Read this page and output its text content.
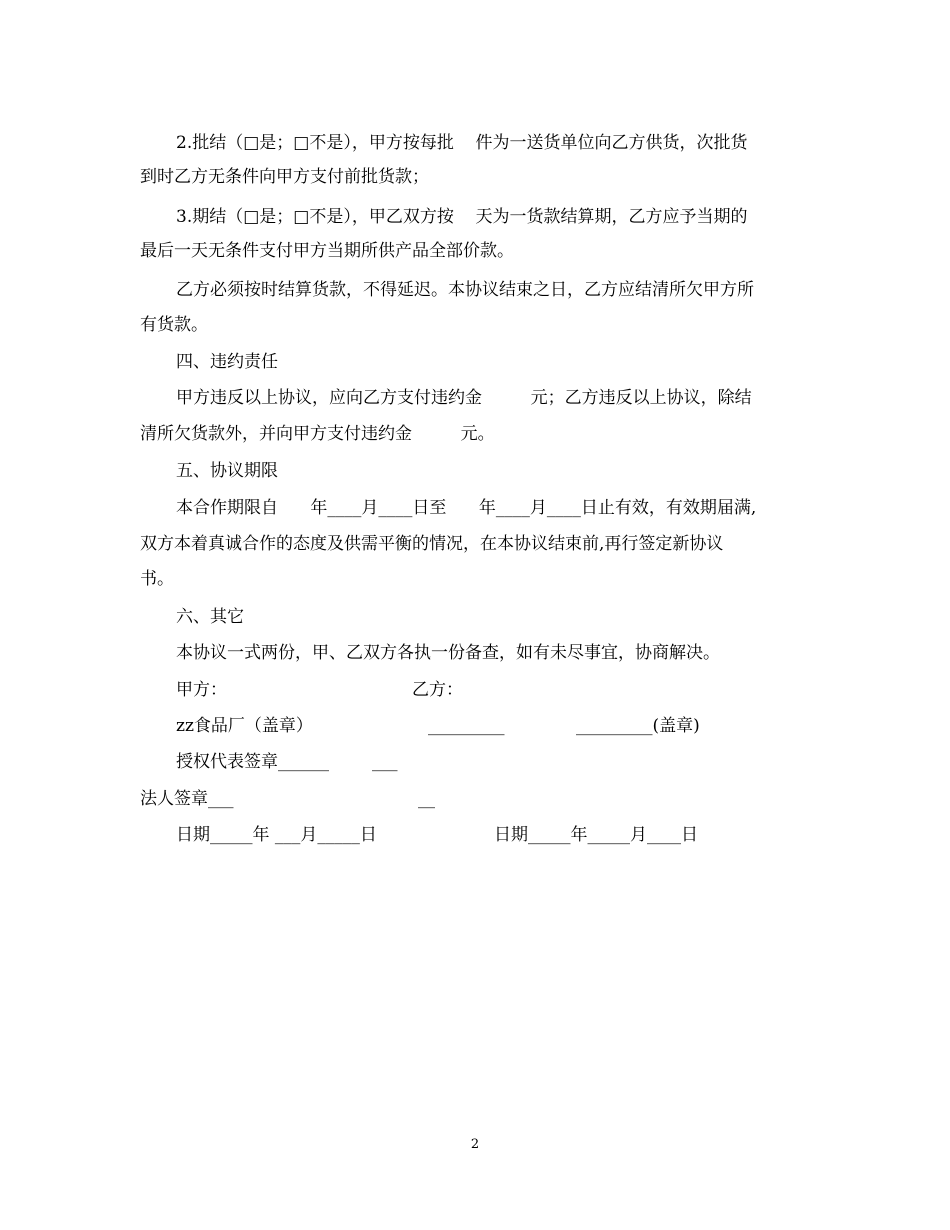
2.批结（□是；□不是），甲方按每批    件为一送货单位向乙方供货，次批货
到时乙方无条件向甲方支付前批货款；
3.期结（□是；□不是），甲乙双方按    天为一货款结算期，乙方应予当期的
最后一天无条件支付甲方当期所供产品全部价款。
乙方必须按时结算货款，不得延迟。本协议结束之日，乙方应结清所欠甲方所
有货款。
四、违约责任
甲方违反以上协议，应向乙方支付违约金         元；乙方违反以上协议，除结
清所欠货款外，并向甲方支付违约金         元。
五、协议期限
本合作期限自      年____月____日至      年____月____日止有效，有效期届满,
双方本着真诚合作的态度及供需平衡的情况，在本协议结束前,再行签定新协议
书。
六、其它
本协议一式两份，甲、乙双方各执一份备查，如有未尽事宜，协商解决。
甲方：	乙方：
zz食品厂（盖章）	_________	_________(盖章)
授权代表签章______	___
法人签章___	__
日期_____年 ___月_____日	日期_____年_____月____日
2
